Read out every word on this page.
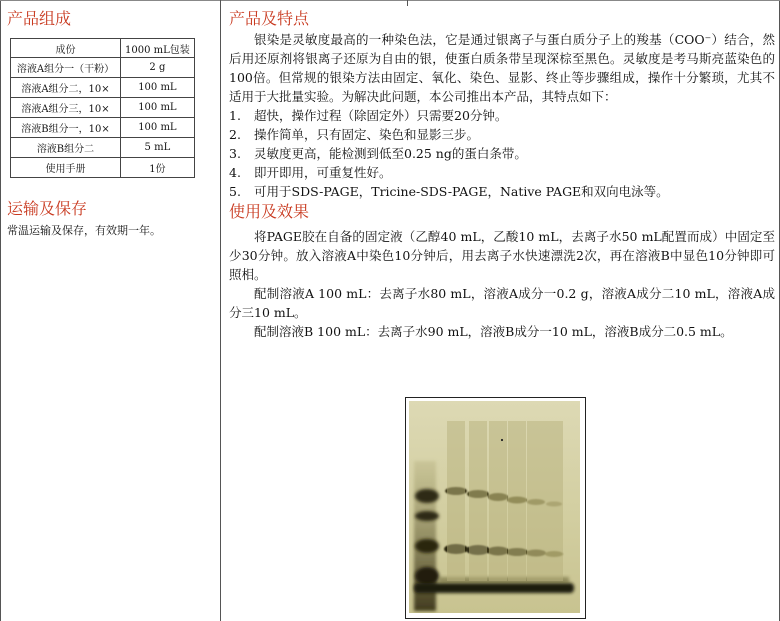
产品组成
成份	1000 mL包装
溶液A组分一（干粉）	2 g
溶液A组分二，10×	100 mL
溶液A组分三，10×	100 mL
溶液B组分一，10×	100 mL
溶液B组分二	5 mL
使用手册	1份
运输及保存
常温运输及保存，有效期一年。
产品及特点

银染是灵敏度最高的一种染色法，它是通过银离子与蛋白质分子上的羧基（COO⁻）结合，然后用还原剂将银离子还原为自由的银，使蛋白质条带呈现深棕至黑色。灵敏度是考马斯亮蓝染色的100倍。但常规的银染方法由固定、氧化、染色、显影、终止等步骤组成，操作十分繁琐，尤其不适用于大批量实验。为解决此问题，本公司推出本产品，其特点如下：

1.	超快，操作过程（除固定外）只需要20分钟。
2.	操作简单，只有固定、染色和显影三步。
3.	灵敏度更高，能检测到低至0.25 ng的蛋白条带。
4.	即开即用，可重复性好。
5.	可用于SDS-PAGE，Tricine-SDS-PAGE，Native PAGE和双向电泳等。
使用及效果

将PAGE胶在自备的固定液（乙醇40 mL，乙酸10 mL，去离子水50 mL配置而成）中固定至少30分钟。放入溶液A中染色10分钟后，用去离子水快速漂洗2次，再在溶液B中显色10分钟即可照相。

配制溶液A 100 mL：去离子水80 mL，溶液A成分一0.2 g，溶液A成分二10 mL，溶液A成分三10 mL。

配制溶液B 100 mL：去离子水90 mL，溶液B成分一10 mL，溶液B成分二0.5 mL。
